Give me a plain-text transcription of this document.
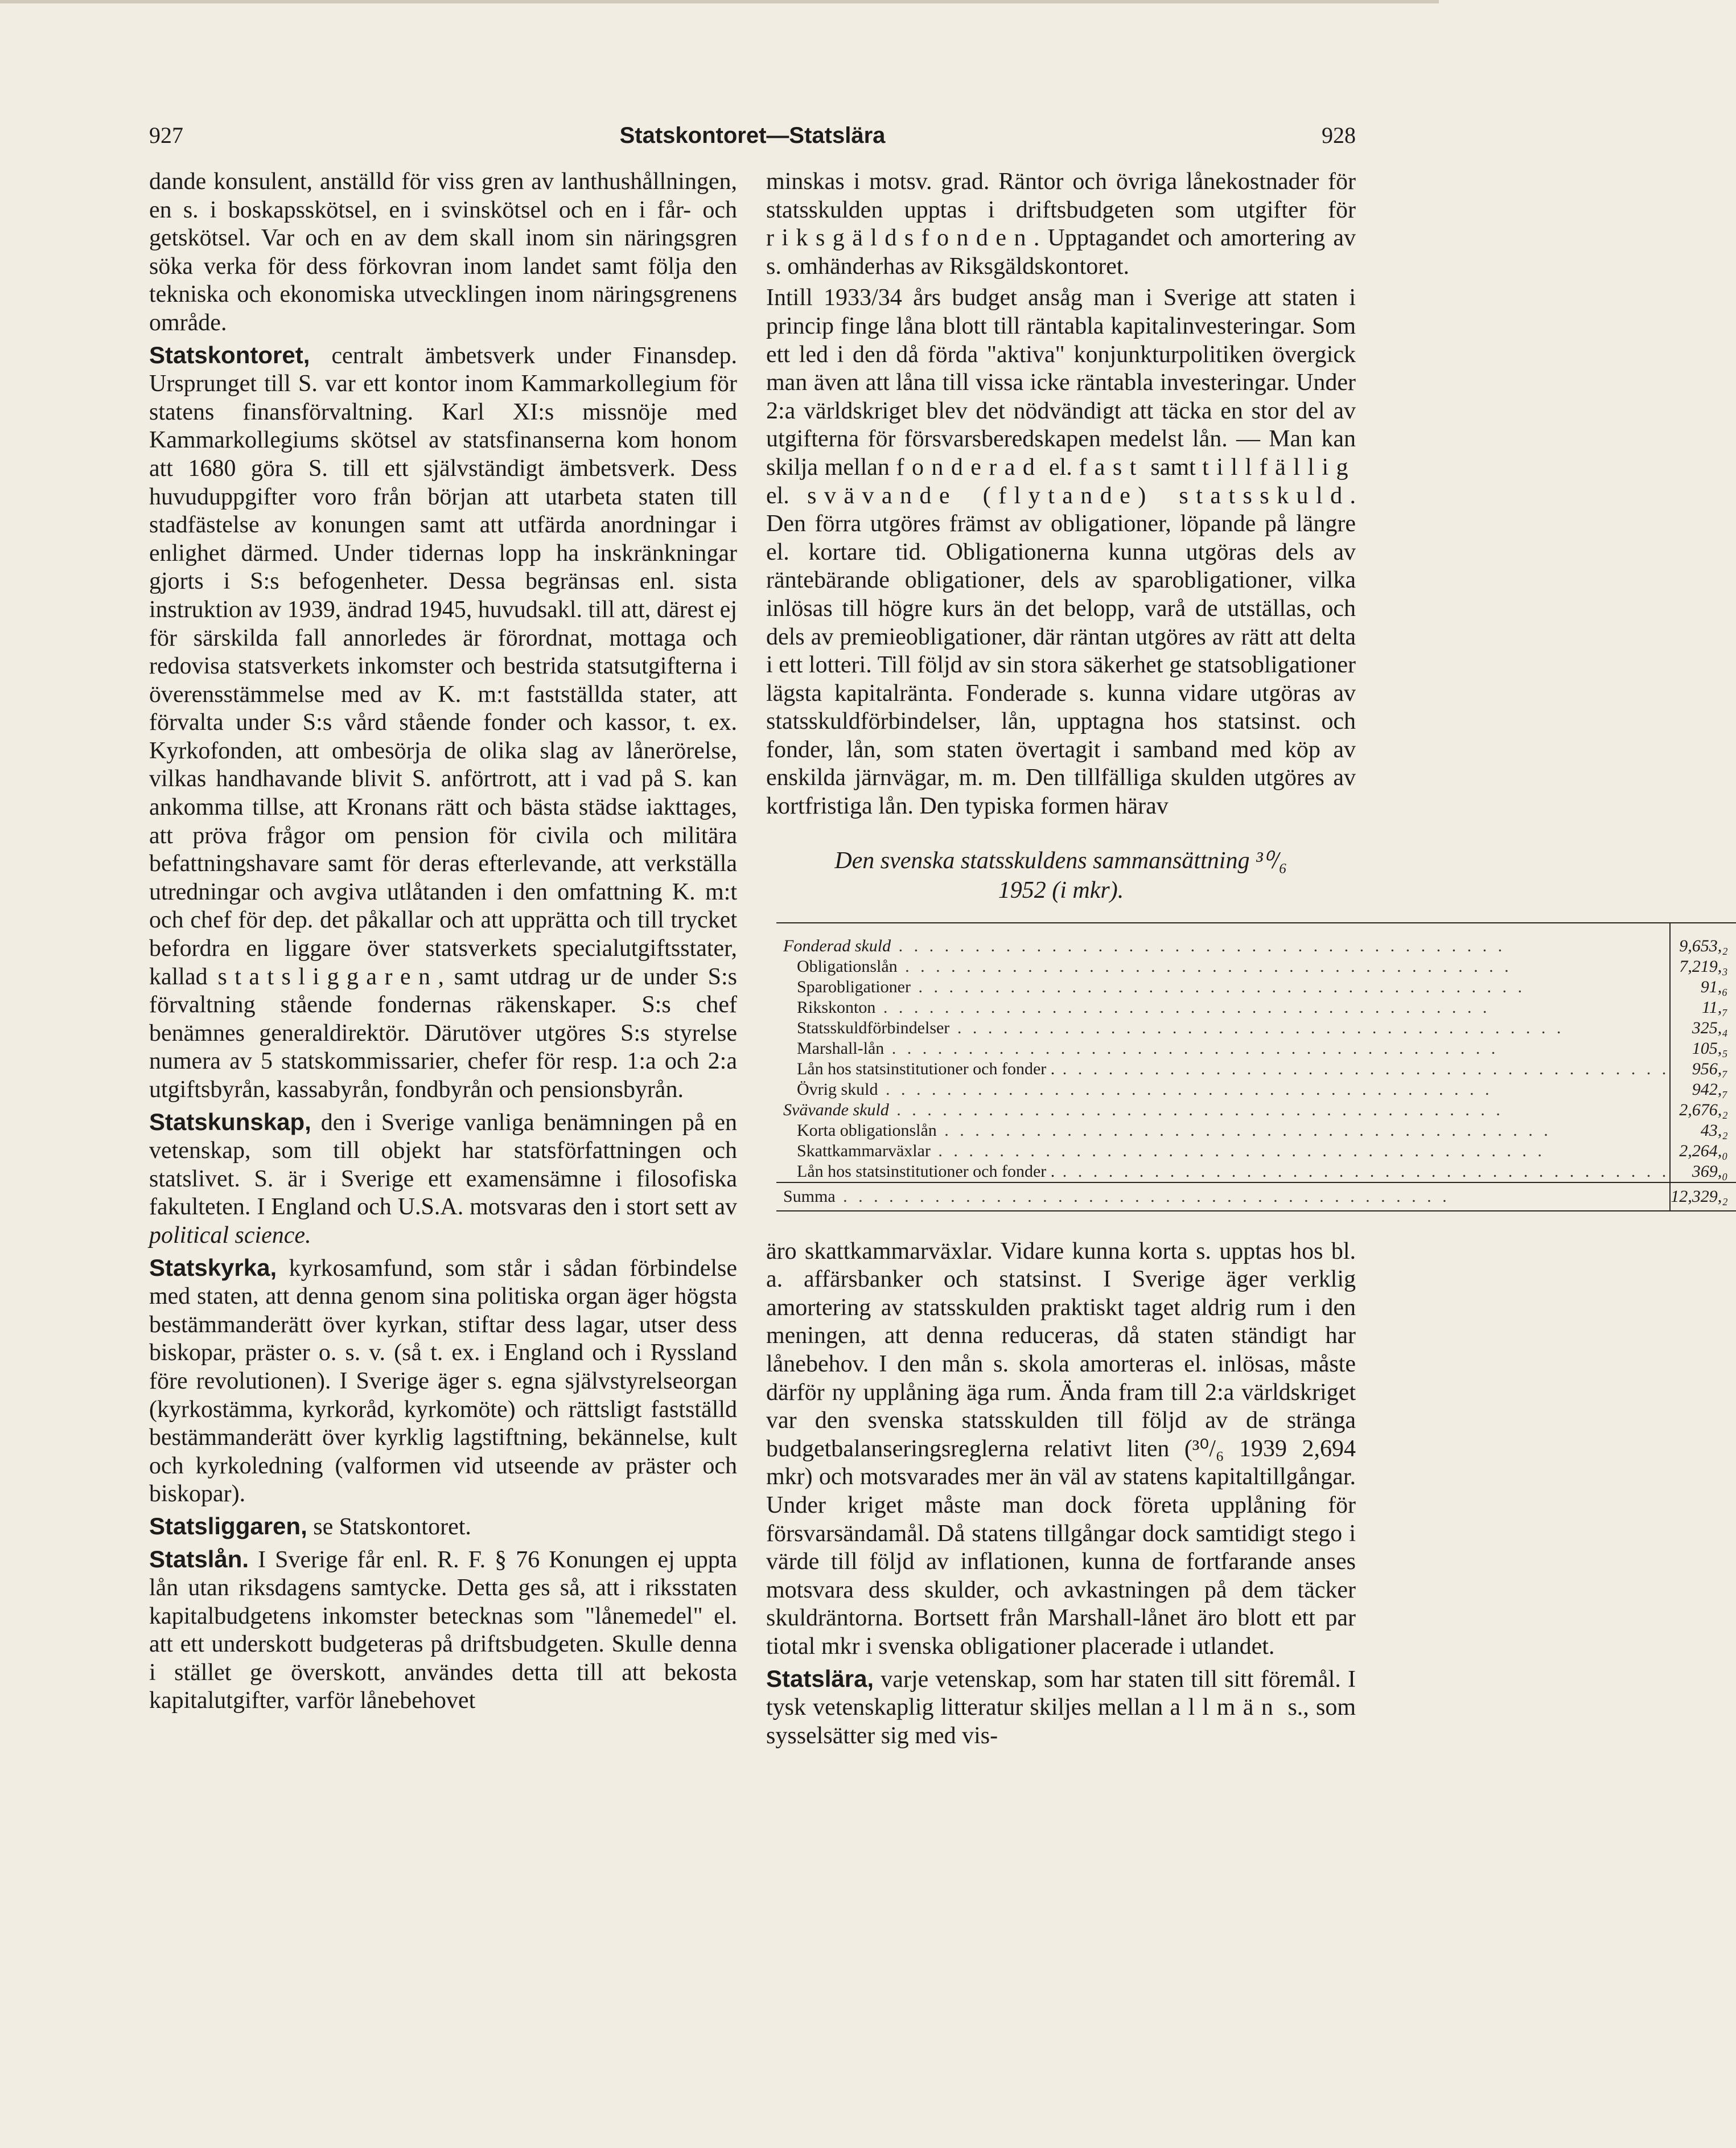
927	Statskontoret—Statslära	928

dande konsulent, anställd för viss gren av lanthushållningen, en s. i boskapsskötsel, en i svinskötsel och en i får- och getskötsel. Var och en av dem skall inom sin näringsgren söka verka för dess förkovran inom landet samt följa den tekniska och ekonomiska utvecklingen inom näringsgrenens område.

Statskontoret, centralt ämbetsverk under Finansdep. Ursprunget till S. var ett kontor inom Kammarkollegium för statens finansförvaltning. Karl XI:s missnöje med Kammarkollegiums skötsel av statsfinanserna kom honom att 1680 göra S. till ett självständigt ämbetsverk. Dess huvuduppgifter voro från början att utarbeta staten till stadfästelse av konungen samt att utfärda anordningar i enlighet därmed. Under tidernas lopp ha inskränkningar gjorts i S:s befogenheter. Dessa begränsas enl. sista instruktion av 1939, ändrad 1945, huvudsakl. till att, därest ej för särskilda fall annorledes är förordnat, mottaga och redovisa statsverkets inkomster och bestrida statsutgifterna i överensstämmelse med av K. m:t fastställda stater, att förvalta under S:s vård stående fonder och kassor, t. ex. Kyrkofonden, att ombesörja de olika slag av lånerörelse, vilkas handhavande blivit S. anförtrott, att i vad på S. kan ankomma tillse, att Kronans rätt och bästa städse iakttages, att pröva frågor om pension för civila och militära befattningshavare samt för deras efterlevande, att verkställa utredningar och avgiva utlåtanden i den omfattning K. m:t och chef för dep. det påkallar och att upprätta och till trycket befordra en liggare över statsverkets specialutgiftsstater, kallad statsliggaren, samt utdrag ur de under S:s förvaltning stående fondernas räkenskaper. S:s chef benämnes generaldirektör. Därutöver utgöres S:s styrelse numera av 5 statskommissarier, chefer för resp. 1:a och 2:a utgiftsbyrån, kassabyrån, fondbyrån och pensionsbyrån.

Statskunskap, den i Sverige vanliga benämningen på en vetenskap, som till objekt har statsförfattningen och statslivet. S. är i Sverige ett examensämne i filosofiska fakulteten. I England och U.S.A. motsvaras den i stort sett av political science.

Statskyrka, kyrkosamfund, som står i sådan förbindelse med staten, att denna genom sina politiska organ äger högsta bestämmanderätt över kyrkan, stiftar dess lagar, utser dess biskopar, präster o. s. v. (så t. ex. i England och i Ryssland före revolutionen). I Sverige äger s. egna självstyrelseorgan (kyrkostämma, kyrkoråd, kyrkomöte) och rättsligt fastställd bestämmanderätt över kyrklig lagstiftning, bekännelse, kult och kyrkoledning (valformen vid utseende av präster och biskopar).

Statsliggaren, se Statskontoret.

Statslån. I Sverige får enl. R. F. § 76 Konungen ej uppta lån utan riksdagens samtycke. Detta ges så, att i riksstaten kapitalbudgetens inkomster betecknas som "lånemedel" el. att ett underskott budgeteras på driftsbudgeten. Skulle denna i stället ge överskott, användes detta till att bekosta kapitalutgifter, varför lånebehovet

minskas i motsv. grad. Räntor och övriga lånekostnader för statsskulden upptas i driftsbudgeten som utgifter för riksgäldsfonden. Upptagandet och amortering av s. omhänderhas av Riksgäldskontoret.

Intill 1933/34 års budget ansåg man i Sverige att staten i princip finge låna blott till räntabla kapitalinvesteringar. Som ett led i den då förda "aktiva" konjunkturpolitiken övergick man även att låna till vissa icke räntabla investeringar. Under 2:a världskriget blev det nödvändigt att täcka en stor del av utgifterna för försvarsberedskapen medelst lån. — Man kan skilja mellan fonderad el. fast samt tillfällig el. svävande (flytande) statsskuld. Den förra utgöres främst av obligationer, löpande på längre el. kortare tid. Obligationerna kunna utgöras dels av räntebärande obligationer, dels av sparobligationer, vilka inlösas till högre kurs än det belopp, varå de utställas, och dels av premieobligationer, där räntan utgöres av rätt att delta i ett lotteri. Till följd av sin stora säkerhet ge statsobligationer lägsta kapitalränta. Fonderade s. kunna vidare utgöras av statsskuldförbindelser, lån, upptagna hos statsinst. och fonder, lån, som staten övertagit i samband med köp av enskilda järnvägar, m. m. Den tillfälliga skulden utgöres av kortfristiga lån. Den typiska formen härav

Den svenska statsskuldens sammansättning ³⁰/₆
1952 (i mkr).
Fonderad skuld . . . . . . . . . . . . . . . . . . . . . . . . . . . . . . . . . . . . . . . .	9,653,₂
Obligationslån . . . . . . . . . . . . . . . . . . . . . . . . . . . . . . . . . . . . . . . .	7,219,₃
Sparobligationer . . . . . . . . . . . . . . . . . . . . . . . . . . . . . . . . . . . . . . . .	91,₆
Rikskonton . . . . . . . . . . . . . . . . . . . . . . . . . . . . . . . . . . . . . . . .	11,₇
Statsskuldförbindelser . . . . . . . . . . . . . . . . . . . . . . . . . . . . . . . . . . . . . . . .	325,₄
Marshall-lån . . . . . . . . . . . . . . . . . . . . . . . . . . . . . . . . . . . . . . . .	105,₅
Lån hos statsinstitutioner och fonder . . . . . . . . . . . . . . . . . . . . . . . . . . . . . . . . . . . . . . . . .	956,₇
Övrig skuld . . . . . . . . . . . . . . . . . . . . . . . . . . . . . . . . . . . . . . . .	942,₇
Svävande skuld . . . . . . . . . . . . . . . . . . . . . . . . . . . . . . . . . . . . . . . .	2,676,₂
Korta obligationslån . . . . . . . . . . . . . . . . . . . . . . . . . . . . . . . . . . . . . . . .	43,₂
Skattkammarväxlar . . . . . . . . . . . . . . . . . . . . . . . . . . . . . . . . . . . . . . . .	2,264,₀
Lån hos statsinstitutioner och fonder . . . . . . . . . . . . . . . . . . . . . . . . . . . . . . . . . . . . . . . . .	369,₀
Summa . . . . . . . . . . . . . . . . . . . . . . . . . . . . . . . . . . . . . . . .	12,329,₂

äro skattkammarväxlar. Vidare kunna korta s. upptas hos bl. a. affärsbanker och statsinst. I Sverige äger verklig amortering av statsskulden praktiskt taget aldrig rum i den meningen, att denna reduceras, då staten ständigt har lånebehov. I den mån s. skola amorteras el. inlösas, måste därför ny upplåning äga rum. Ända fram till 2:a världskriget var den svenska statsskulden till följd av de stränga budgetbalanseringsreglerna relativt liten (³⁰/₆ 1939 2,694 mkr) och motsvarades mer än väl av statens kapitaltillgångar. Under kriget måste man dock företa upplåning för försvarsändamål. Då statens tillgångar dock samtidigt stego i värde till följd av inflationen, kunna de fortfarande anses motsvara dess skulder, och avkastningen på dem täcker skuldräntorna. Bortsett från Marshall-lånet äro blott ett par tiotal mkr i svenska obligationer placerade i utlandet.

Statslära, varje vetenskap, som har staten till sitt föremål. I tysk vetenskaplig litteratur skiljes mellan allmän s., som sysselsätter sig med vis-
